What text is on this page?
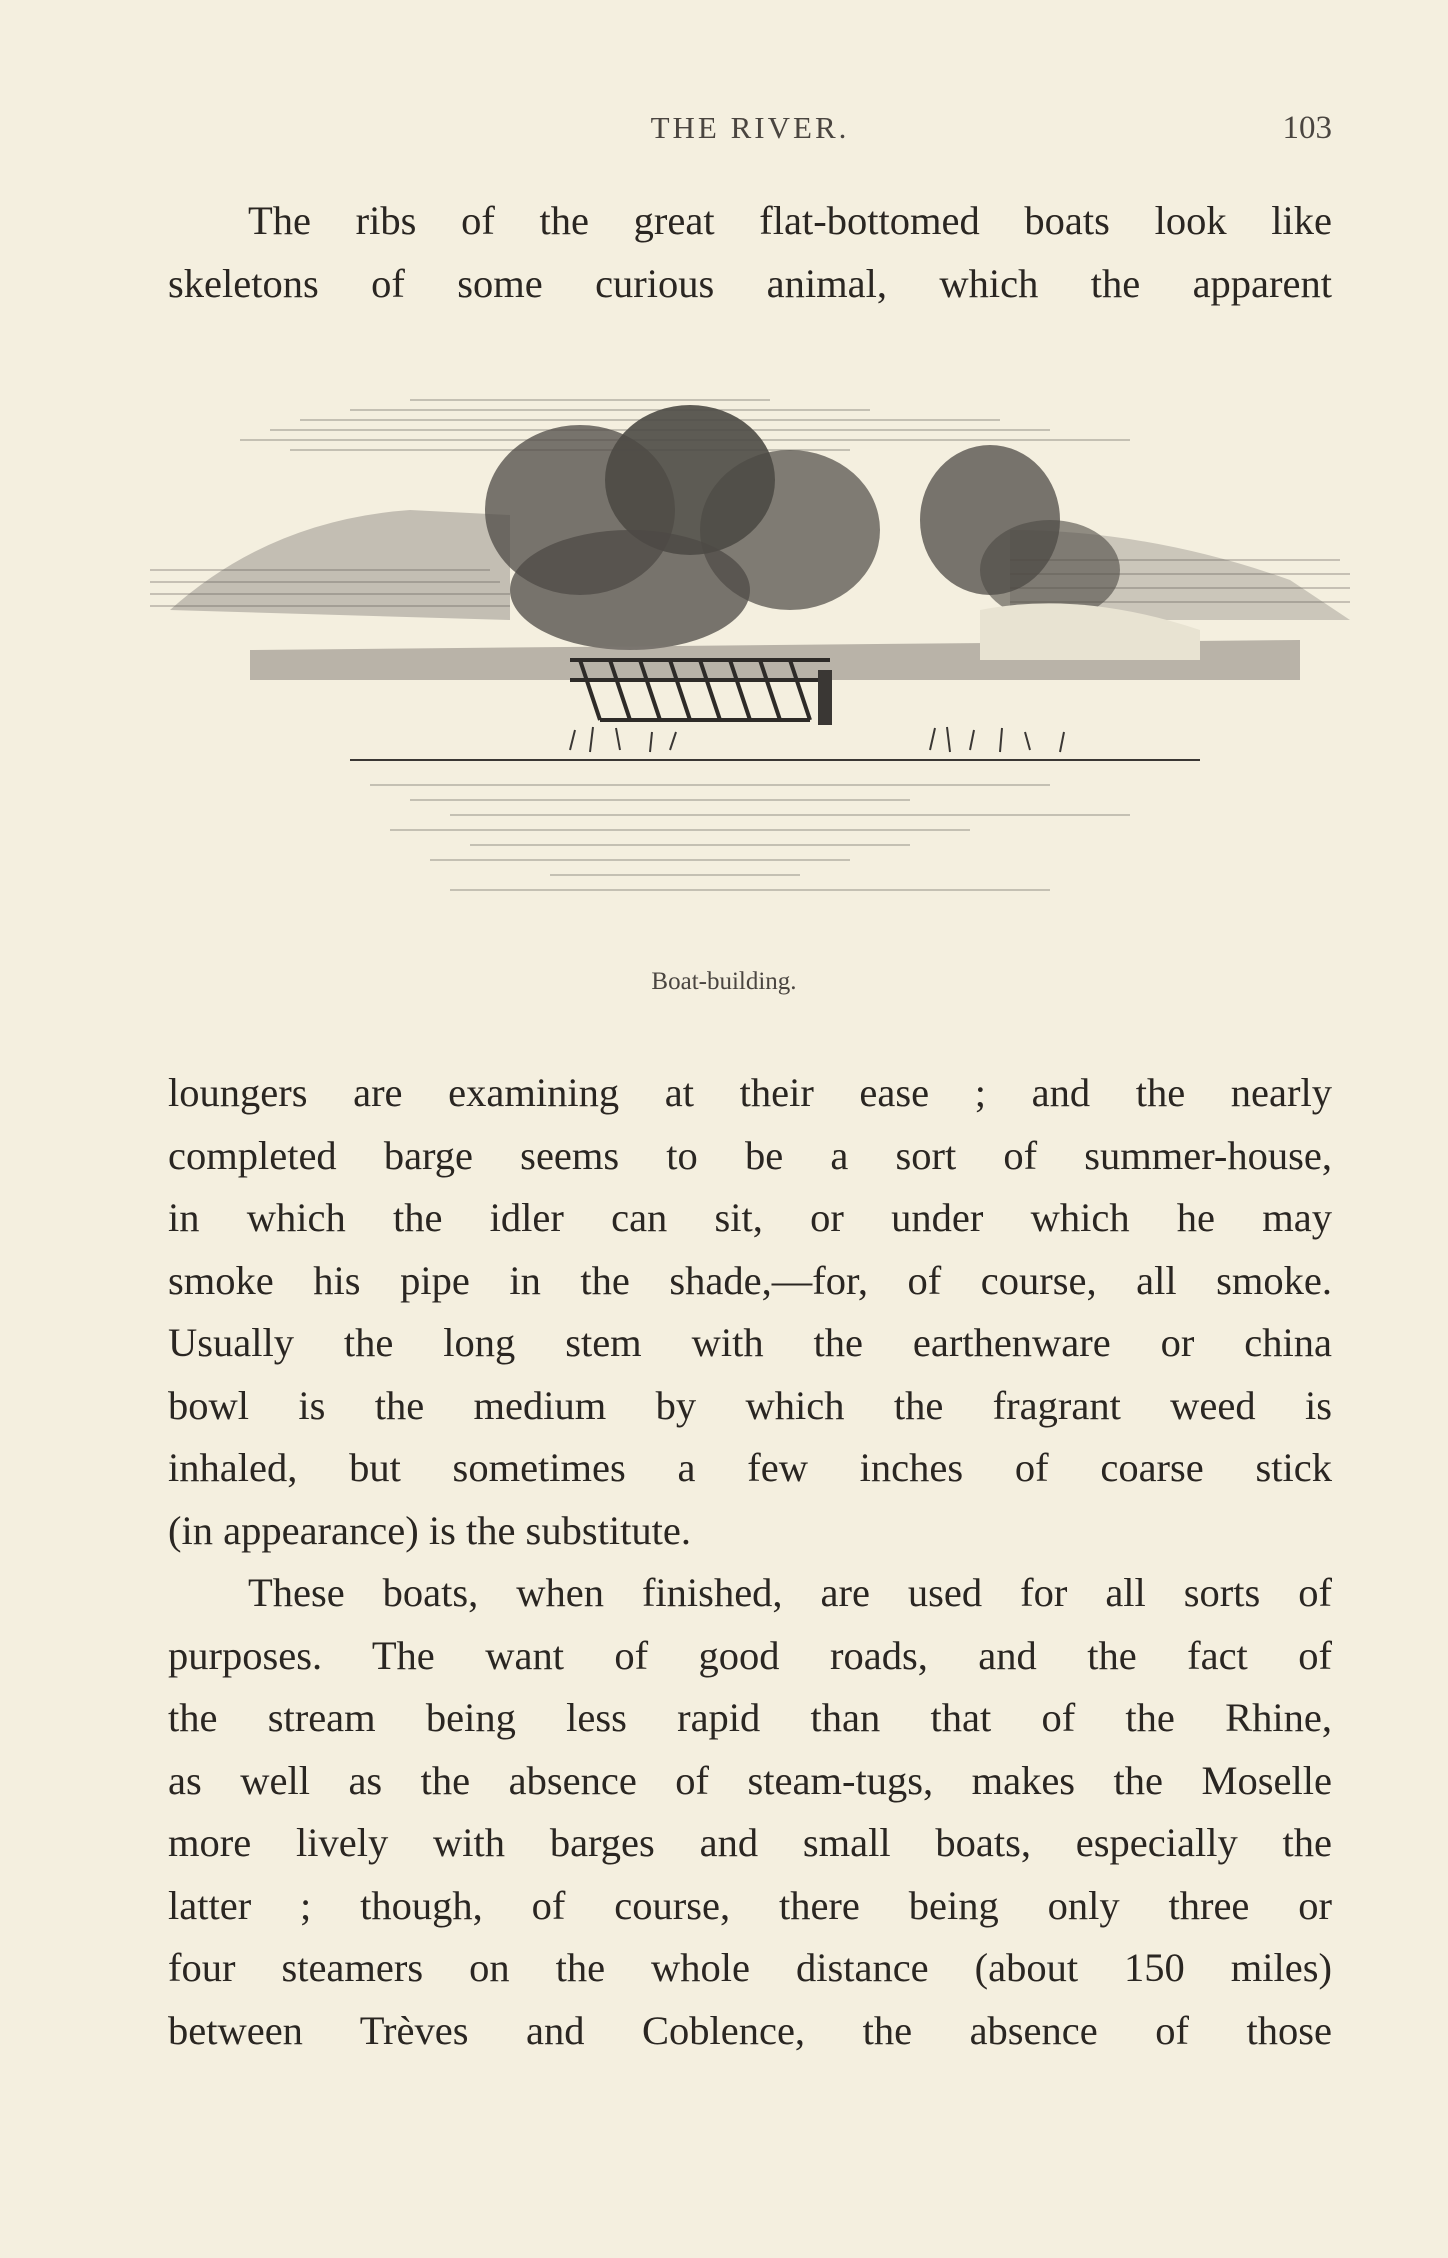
THE RIVER.	103
The ribs of the great flat-bottomed boats look like
skeletons of some curious animal, which the apparent
Boat-building.
loungers are examining at their ease ; and the nearly
completed barge seems to be a sort of summer-house,
in which the idler can sit, or under which he may
smoke his pipe in the shade,—for, of course, all smoke.
Usually the long stem with the earthenware or china
bowl is the medium by which the fragrant weed is
inhaled, but sometimes a few inches of coarse stick
(in appearance) is the substitute.
These boats, when finished, are used for all sorts of
purposes. The want of good roads, and the fact of
the stream being less rapid than that of the Rhine,
as well as the absence of steam-tugs, makes the Moselle
more lively with barges and small boats, especially the
latter ; though, of course, there being only three or
four steamers on the whole distance (about 150 miles)
between Trèves and Coblence, the absence of those
